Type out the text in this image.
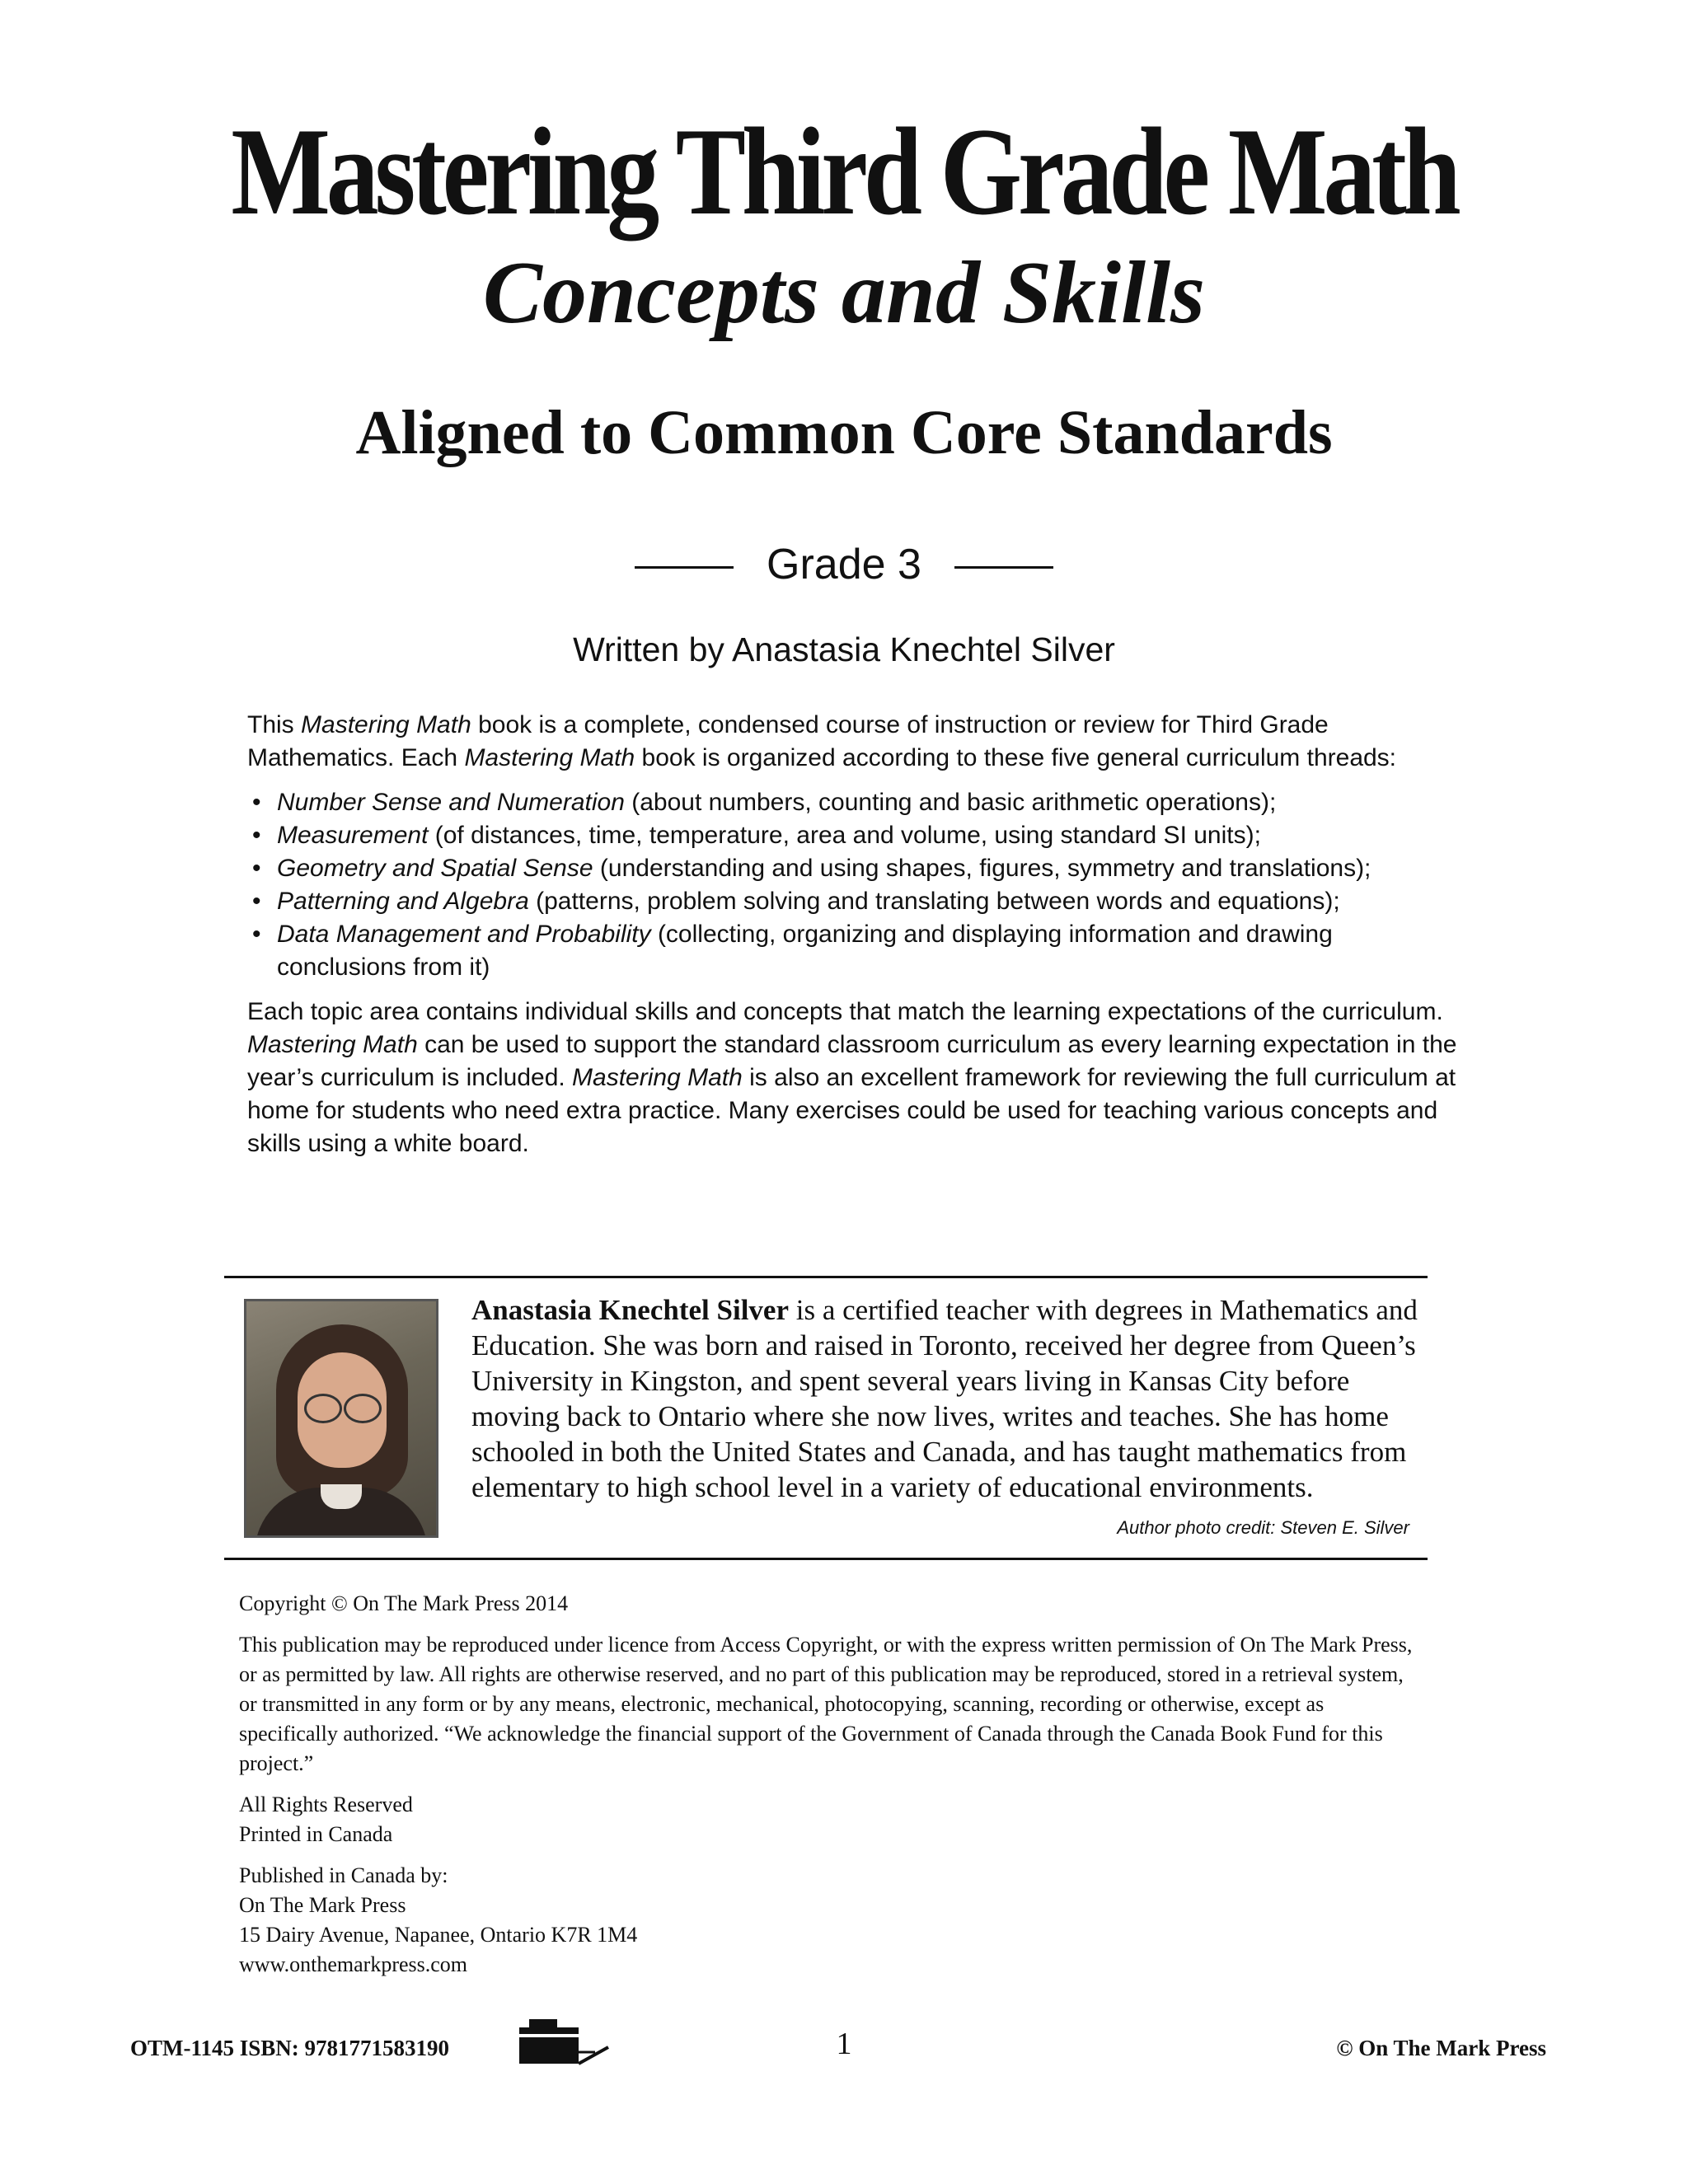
Mastering Third Grade Math
Concepts and Skills
Aligned to Common Core Standards
Grade 3
Written by Anastasia Knechtel Silver

This Mastering Math book is a complete, condensed course of instruction or review for Third Grade Mathematics. Each Mastering Math book is organized according to these five general curriculum threads:

• Number Sense and Numeration (about numbers, counting and basic arithmetic operations);
• Measurement (of distances, time, temperature, area and volume, using standard SI units);
• Geometry and Spatial Sense (understanding and using shapes, figures, symmetry and translations);
• Patterning and Algebra (patterns, problem solving and translating between words and equations);
• Data Management and Probability (collecting, organizing and displaying information and drawing conclusions from it)

Each topic area contains individual skills and concepts that match the learning expectations of the curriculum. Mastering Math can be used to support the standard classroom curriculum as every learning expectation in the year’s curriculum is included. Mastering Math is also an excellent framework for reviewing the full curriculum at home for students who need extra practice. Many exercises could be used for teaching various concepts and skills using a white board.

Anastasia Knechtel Silver is a certified teacher with degrees in Mathematics and Education. She was born and raised in Toronto, received her degree from Queen’s University in Kingston, and spent several years living in Kansas City before moving back to Ontario where she now lives, writes and teaches. She has home schooled in both the United States and Canada, and has taught mathematics from elementary to high school level in a variety of educational environments.
Author photo credit: Steven E. Silver

Copyright © On The Mark Press 2014

This publication may be reproduced under licence from Access Copyright, or with the express written permission of On The Mark Press, or as permitted by law. All rights are otherwise reserved, and no part of this publication may be reproduced, stored in a retrieval system, or transmitted in any form or by any means, electronic, mechanical, photocopying, scanning, recording or otherwise, except as specifically authorized. “We acknowledge the financial support of the Government of Canada through the Canada Book Fund for this project.”

All Rights Reserved
Printed in Canada

Published in Canada by:
On The Mark Press
15 Dairy Avenue, Napanee, Ontario K7R 1M4
www.onthemarkpress.com

OTM-1145 ISBN: 9781771583190	1	© On The Mark Press
